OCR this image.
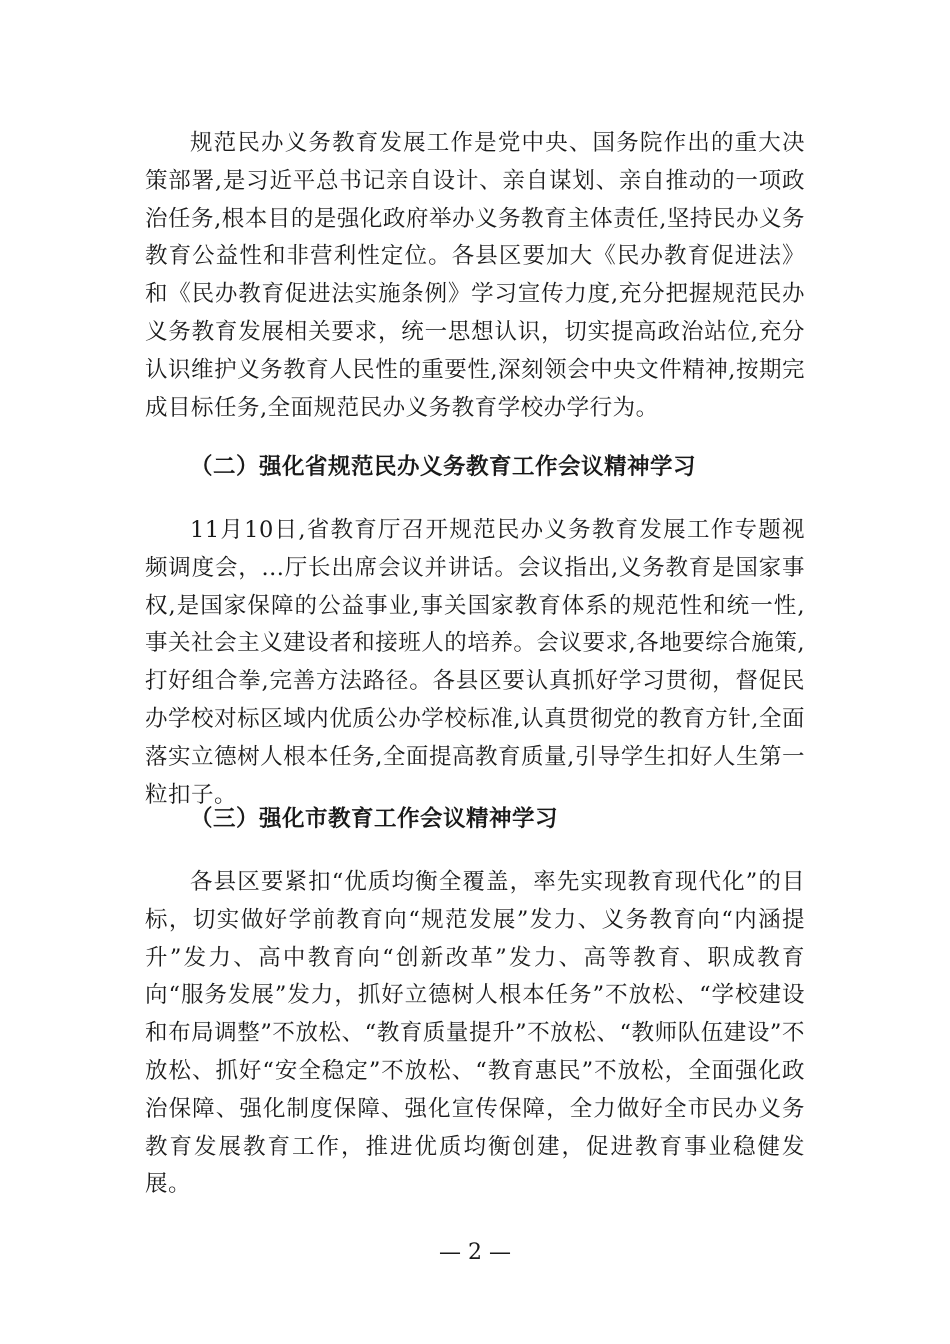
规范民办义务教育发展工作是党中央、国务院作出的重大决策部署,是习近平总书记亲自设计、亲自谋划、亲自推动的一项政治任务,根本目的是强化政府举办义务教育主体责任,坚持民办义务教育公益性和非营利性定位。各县区要加大《民办教育促进法》和《民办教育促进法实施条例》学习宣传力度,充分把握规范民办义务教育发展相关要求，统一思想认识，切实提高政治站位,充分认识维护义务教育人民性的重要性,深刻领会中央文件精神,按期完成目标任务,全面规范民办义务教育学校办学行为。

（二）强化省规范民办义务教育工作会议精神学习

11月10日,省教育厅召开规范民办义务教育发展工作专题视频调度会，...厅长出席会议并讲话。会议指出,义务教育是国家事权,是国家保障的公益事业,事关国家教育体系的规范性和统一性,事关社会主义建设者和接班人的培养。会议要求,各地要综合施策,打好组合拳,完善方法路径。各县区要认真抓好学习贯彻，督促民办学校对标区域内优质公办学校标准,认真贯彻党的教育方针,全面落实立德树人根本任务,全面提高教育质量,引导学生扣好人生第一粒扣子。

（三）强化市教育工作会议精神学习

各县区要紧扣“优质均衡全覆盖，率先实现教育现代化”的目标，切实做好学前教育向“规范发展”发力、义务教育向“内涵提升”发力、高中教育向“创新改革”发力、高等教育、职成教育向“服务发展”发力，抓好立德树人根本任务”不放松、“学校建设和布局调整”不放松、“教育质量提升”不放松、“教师队伍建设”不放松、抓好“安全稳定”不放松、“教育惠民”不放松，全面强化政治保障、强化制度保障、强化宣传保障，全力做好全市民办义务教育发展教育工作，推进优质均衡创建，促进教育事业稳健发展。

— 2 —
